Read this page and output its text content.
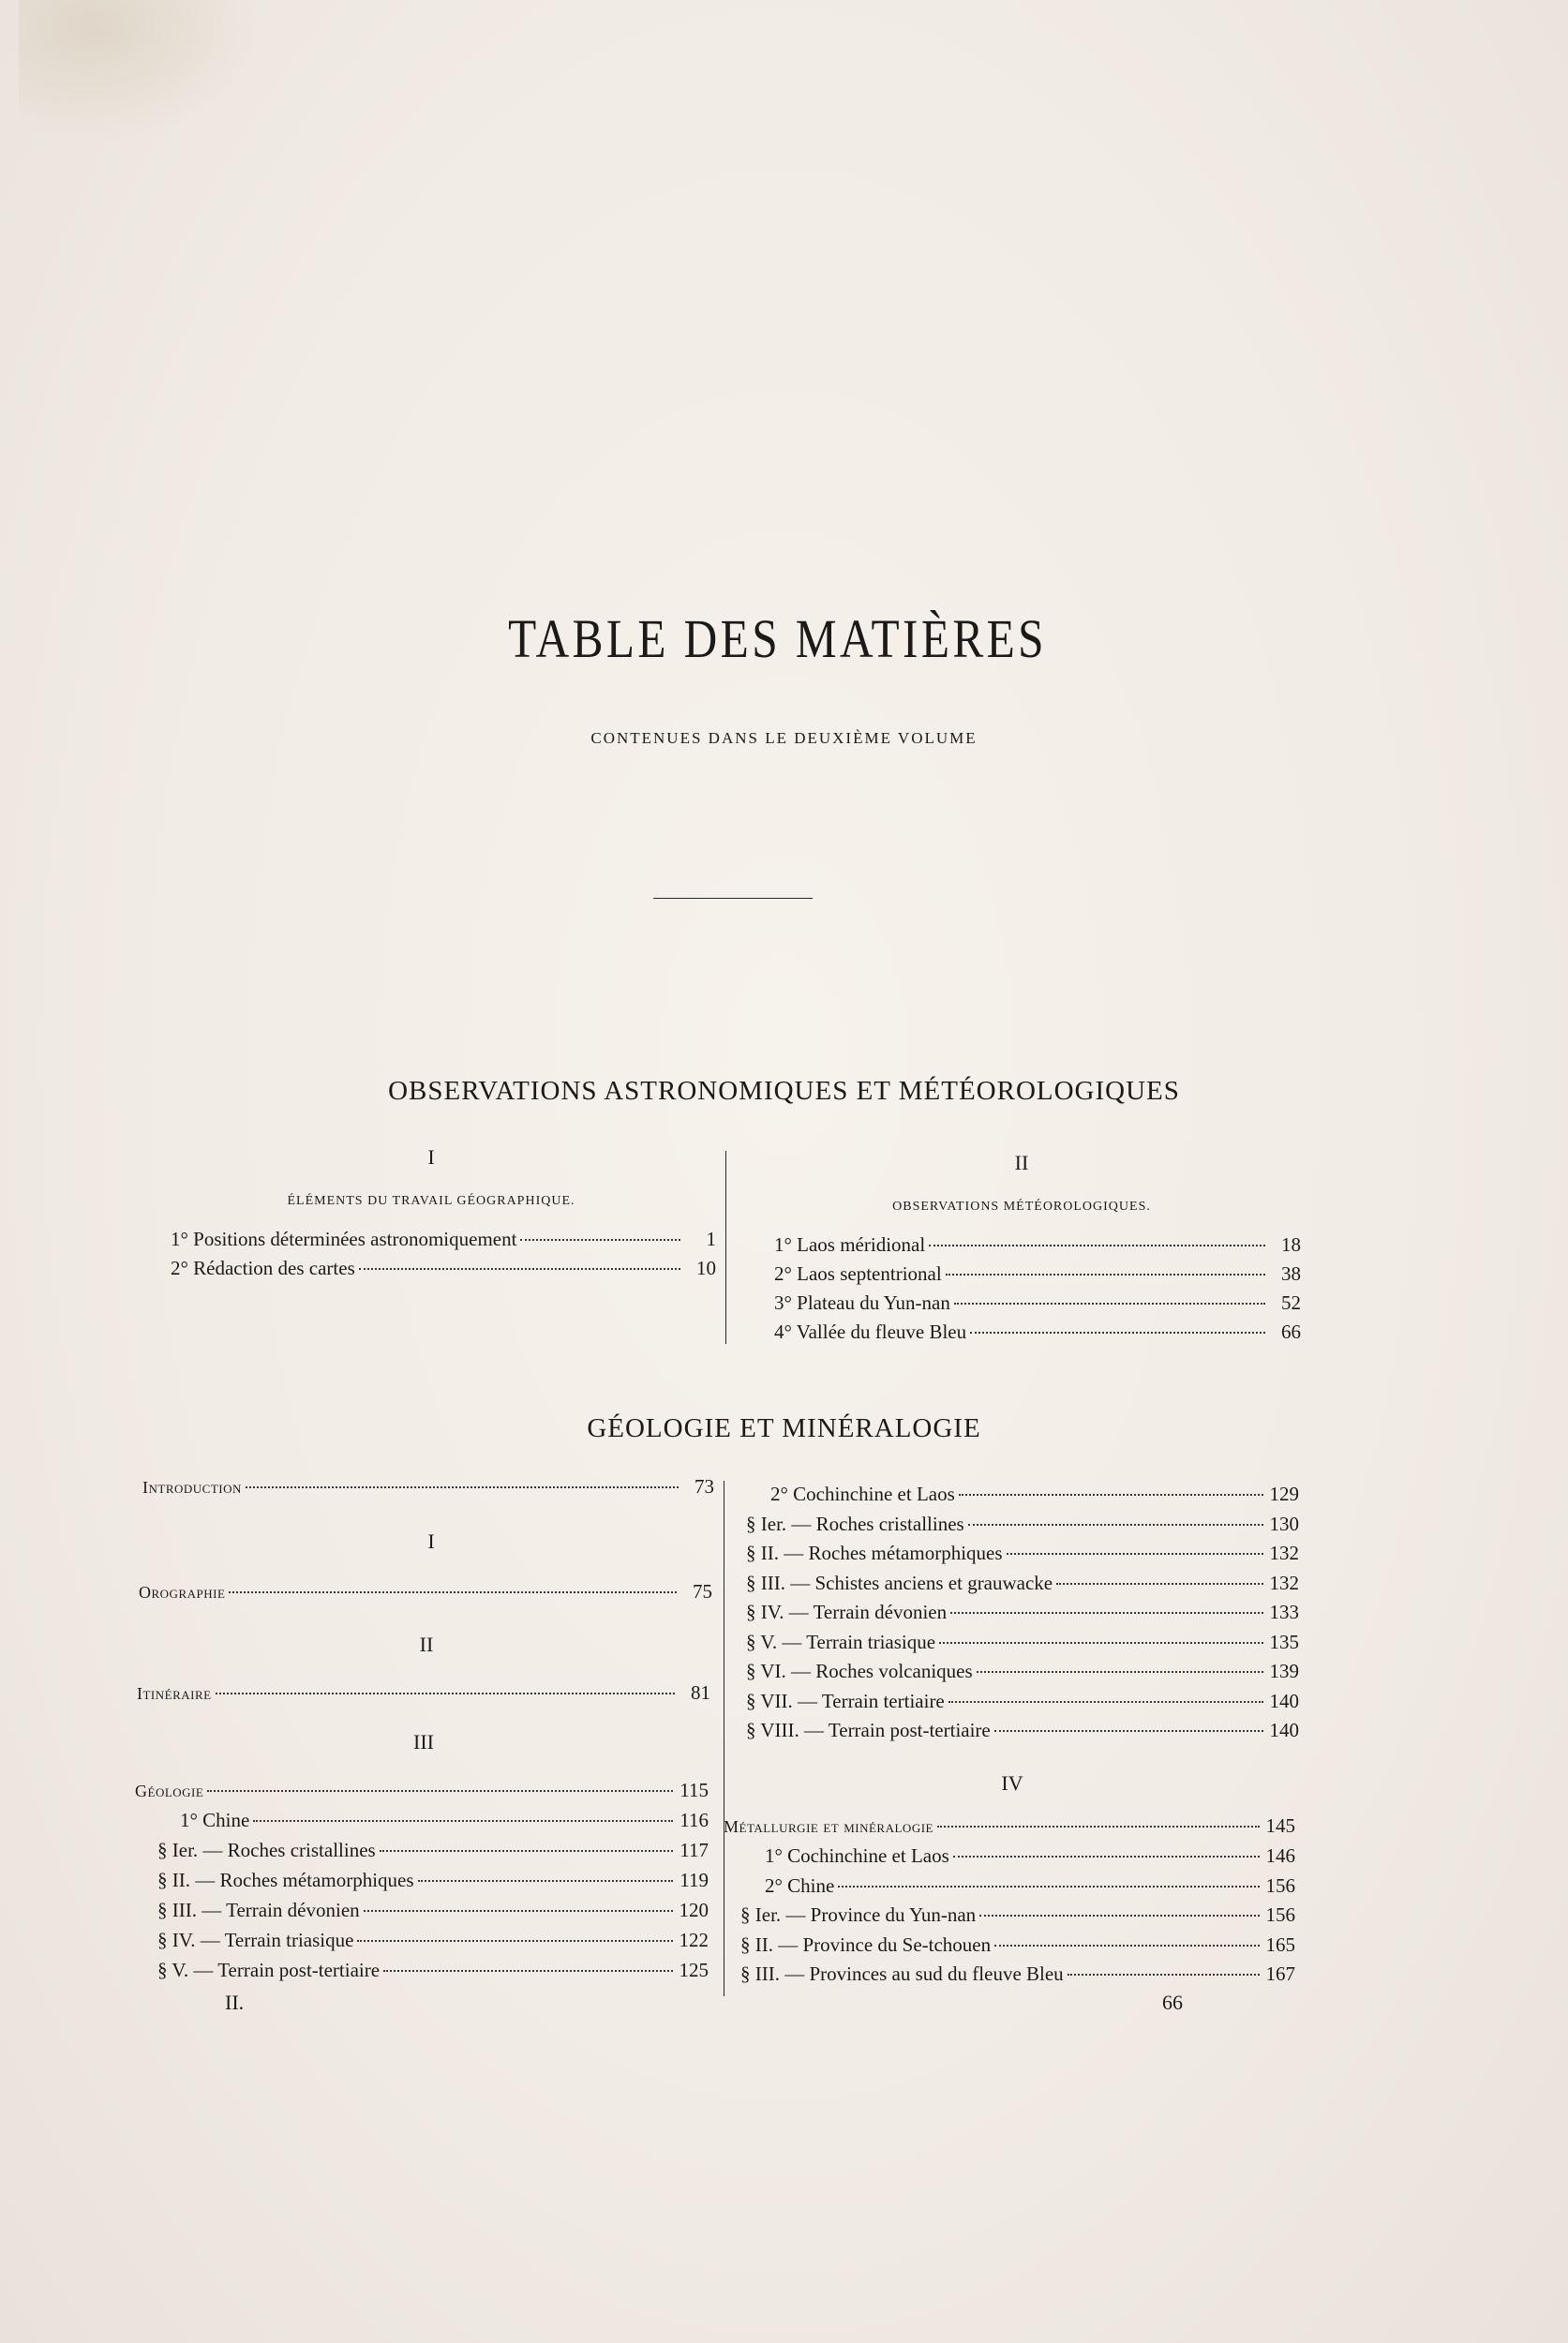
TABLE DES MATIÈRES
CONTENUES DANS LE DEUXIÈME VOLUME
OBSERVATIONS ASTRONOMIQUES ET MÉTÉOROLOGIQUES
I
ÉLÉMENTS DU TRAVAIL GÉOGRAPHIQUE.
II
OBSERVATIONS MÉTÉOROLOGIQUES.
1° Positions déterminées astronomiquement	1
2° Rédaction des cartes	10
1° Laos méridional	18
2° Laos septentrional	38
3° Plateau du Yun-nan	52
4° Vallée du fleuve Bleu	66
GÉOLOGIE ET MINÉRALOGIE
I
II
III
IV
Introduction	73
Orographie	75
Itinéraire	81
Géologie	115
1° Chine	116
§ Ier. — Roches cristallines	117
§ II. — Roches métamorphiques	119
§ III. — Terrain dévonien	120
§ IV. — Terrain triasique	122
§ V. — Terrain post-tertiaire	125
2° Cochinchine et Laos	129
§ Ier. — Roches cristallines	130
§ II. — Roches métamorphiques	132
§ III. — Schistes anciens et grauwacke	132
§ IV. — Terrain dévonien	133
§ V. — Terrain triasique	135
§ VI. — Roches volcaniques	139
§ VII. — Terrain tertiaire	140
§ VIII. — Terrain post-tertiaire	140
Métallurgie et minéralogie	145
1° Cochinchine et Laos	146
2° Chine	156
§ Ier. — Province du Yun-nan	156
§ II. — Province du Se-tchouen	165
§ III. — Provinces au sud du fleuve Bleu	167
II.	66
